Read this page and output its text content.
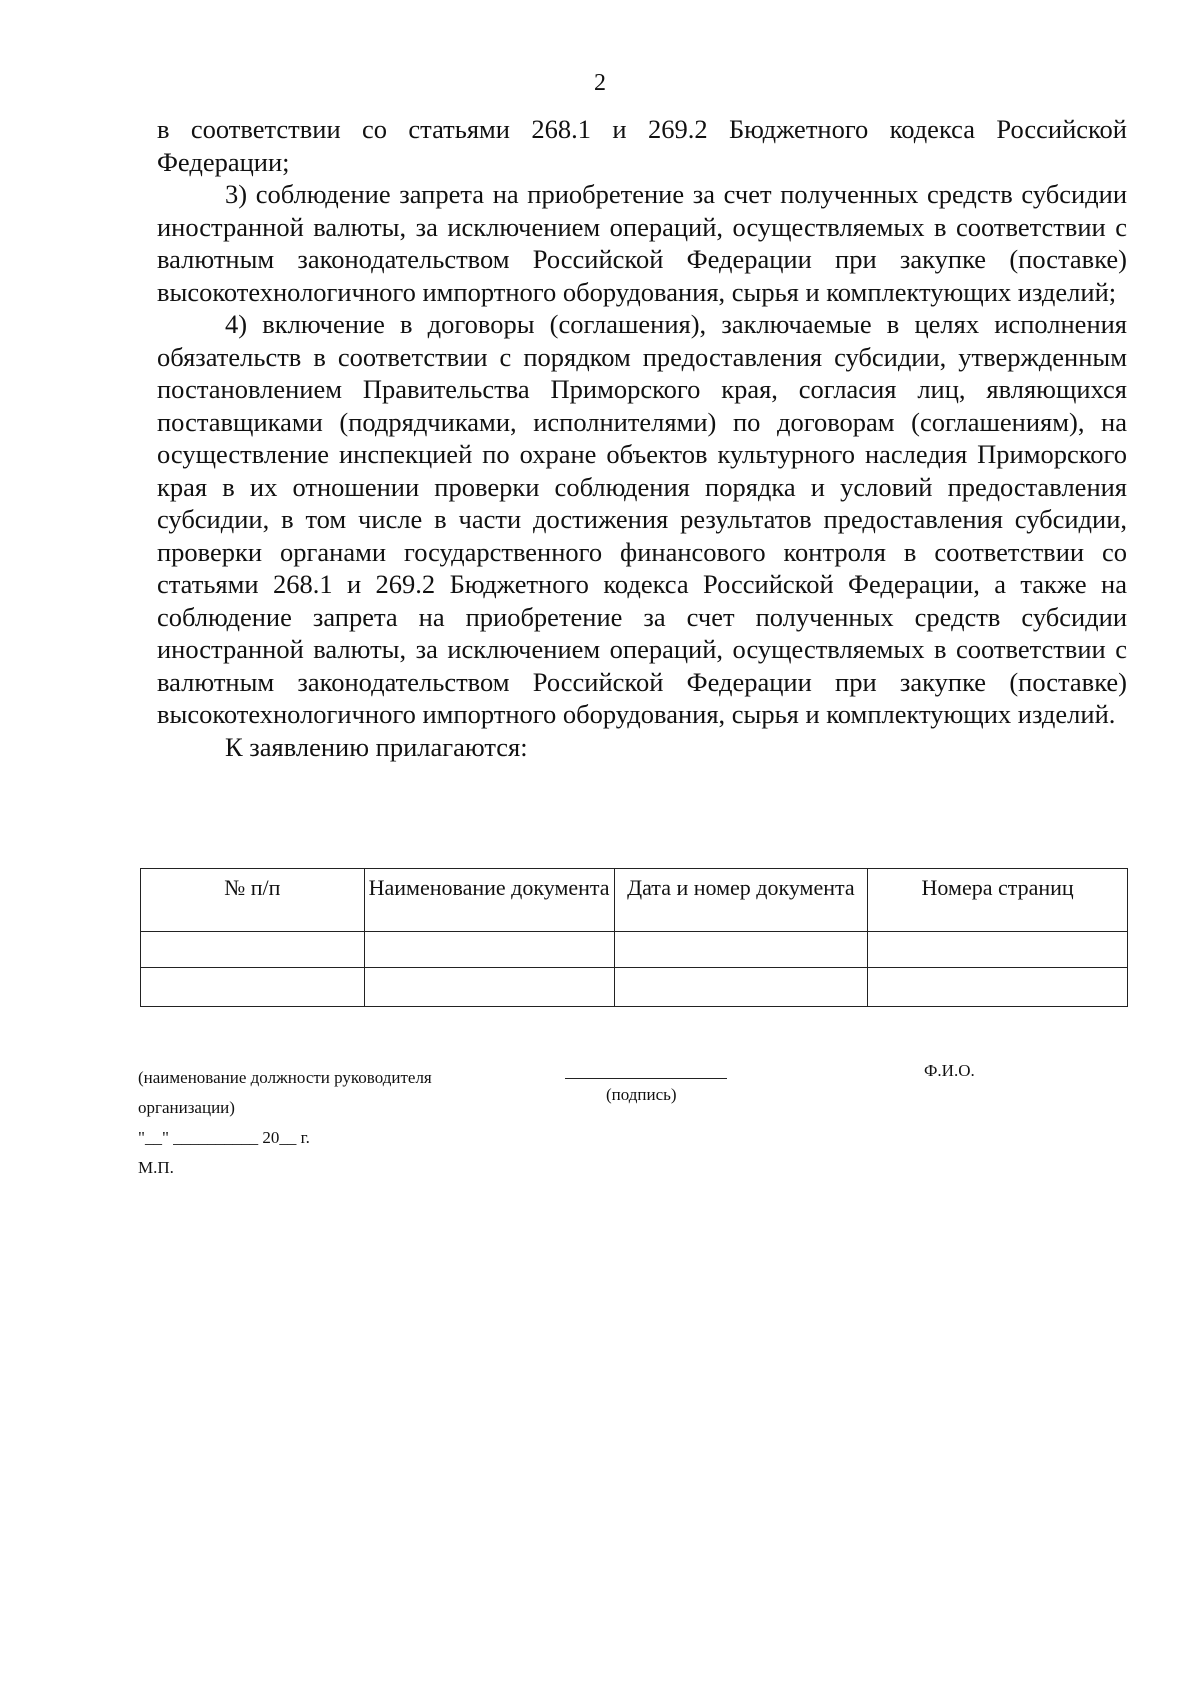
2

в соответствии со статьями 268.1 и 269.2 Бюджетного кодекса Российской Федерации;

3) соблюдение запрета на приобретение за счет полученных средств субсидии иностранной валюты, за исключением операций, осуществляемых в соответствии с валютным законодательством Российской Федерации при закупке (поставке) высокотехнологичного импортного оборудования, сырья и комплектующих изделий;

4) включение в договоры (соглашения), заключаемые в целях исполнения обязательств в соответствии с порядком предоставления субсидии, утвержденным постановлением Правительства Приморского края, согласия лиц, являющихся поставщиками (подрядчиками, исполнителями) по договорам (соглашениям), на осуществление инспекцией по охране объектов культурного наследия Приморского края в их отношении проверки соблюдения порядка и условий предоставления субсидии, в том числе в части достижения результатов предоставления субсидии, проверки органами государственного финансового контроля в соответствии со статьями 268.1 и 269.2 Бюджетного кодекса Российской Федерации, а также на соблюдение запрета на приобретение за счет полученных средств субсидии иностранной валюты, за исключением операций, осуществляемых в соответствии с валютным законодательством Российской Федерации при закупке (поставке) высокотехнологичного импортного оборудования, сырья и комплектующих изделий.

К заявлению прилагаются:

№ п/п	Наименование документа	Дата и номер документа	Номера страниц

(наименование должности руководителя
организации)
(подпись)
Ф.И.О.
"__" __________ 20__ г.
М.П.
